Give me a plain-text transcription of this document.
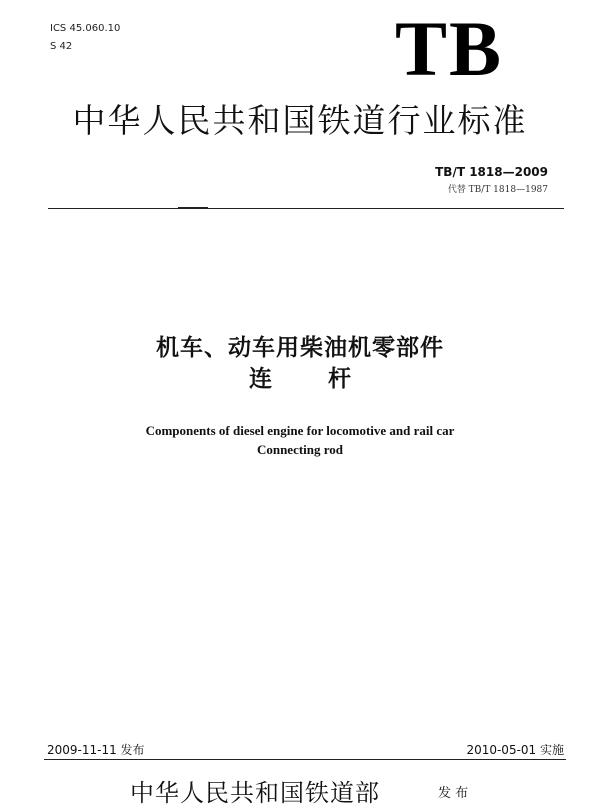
ICS 45.060.10
S 42	TB
中华人民共和国铁道行业标准
TB/T 1818—2009
代替 TB/T 1818—1987
机车、动车用柴油机零部件
连  杆
Components of diesel engine for locomotive and rail car
Connecting rod
2009-11-11 发布	2010-05-01 实施
中华人民共和国铁道部	发 布
